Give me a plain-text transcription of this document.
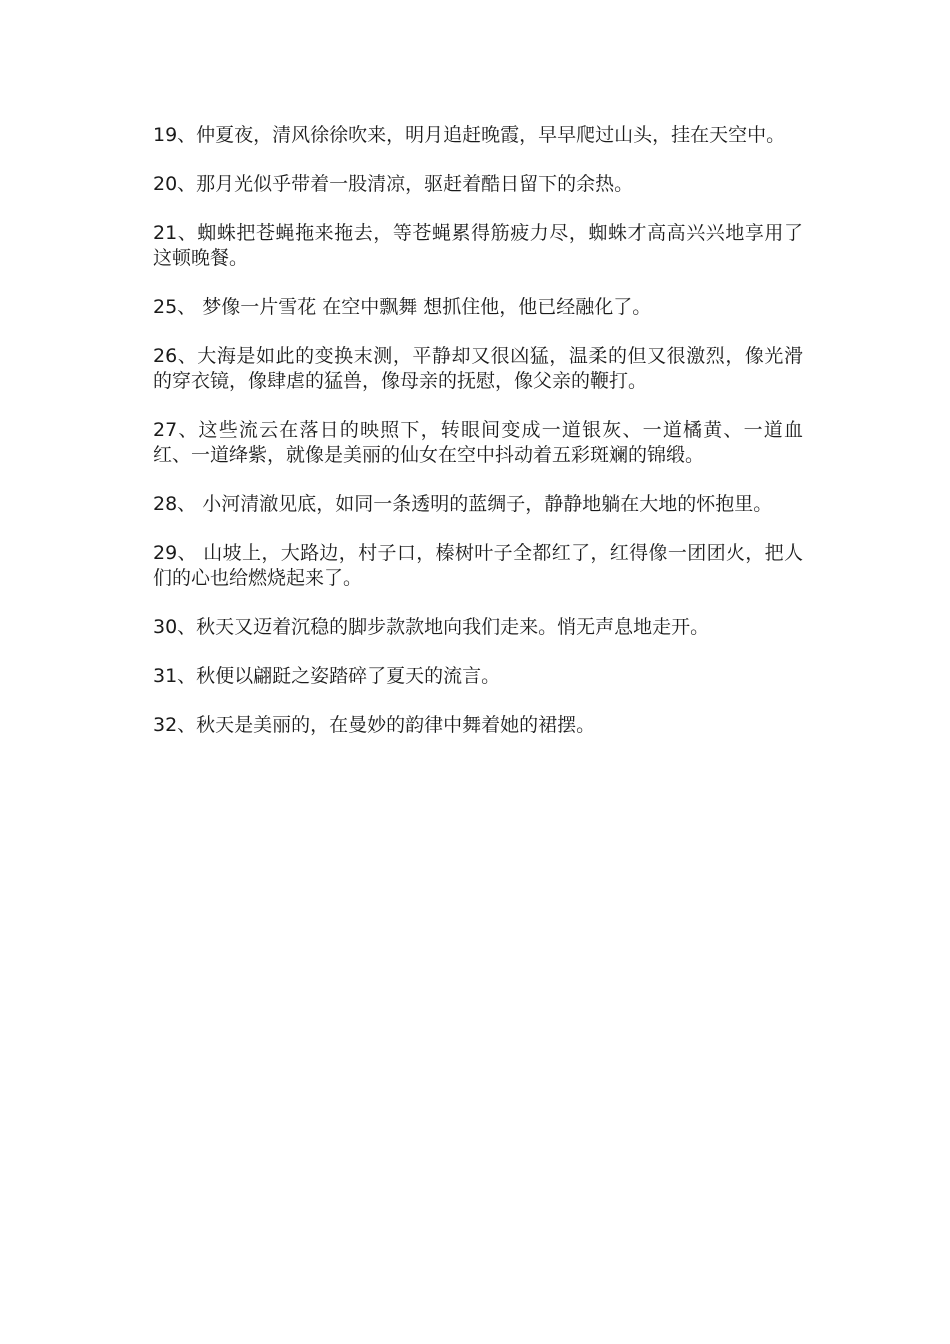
19、仲夏夜，清风徐徐吹来，明月追赶晚霞，早早爬过山头，挂在天空中。

20、那月光似乎带着一股清凉，驱赶着酷日留下的余热。

21、蜘蛛把苍蝇拖来拖去，等苍蝇累得筋疲力尽，蜘蛛才高高兴兴地享用了这顿晚餐。

25、 梦像一片雪花 在空中飘舞 想抓住他，他已经融化了。

26、大海是如此的变换末测，平静却又很凶猛，温柔的但又很激烈，像光滑的穿衣镜，像肆虐的猛兽，像母亲的抚慰，像父亲的鞭打。

27、这些流云在落日的映照下，转眼间变成一道银灰、一道橘黄、一道血红、一道绛紫，就像是美丽的仙女在空中抖动着五彩斑斓的锦缎。

28、 小河清澈见底，如同一条透明的蓝绸子，静静地躺在大地的怀抱里。

29、 山坡上，大路边，村子口，榛树叶子全都红了，红得像一团团火，把人们的心也给燃烧起来了。

30、秋天又迈着沉稳的脚步款款地向我们走来。悄无声息地走开。

31、秋便以翩跹之姿踏碎了夏天的流言。

32、秋天是美丽的，在曼妙的韵律中舞着她的裙摆。
